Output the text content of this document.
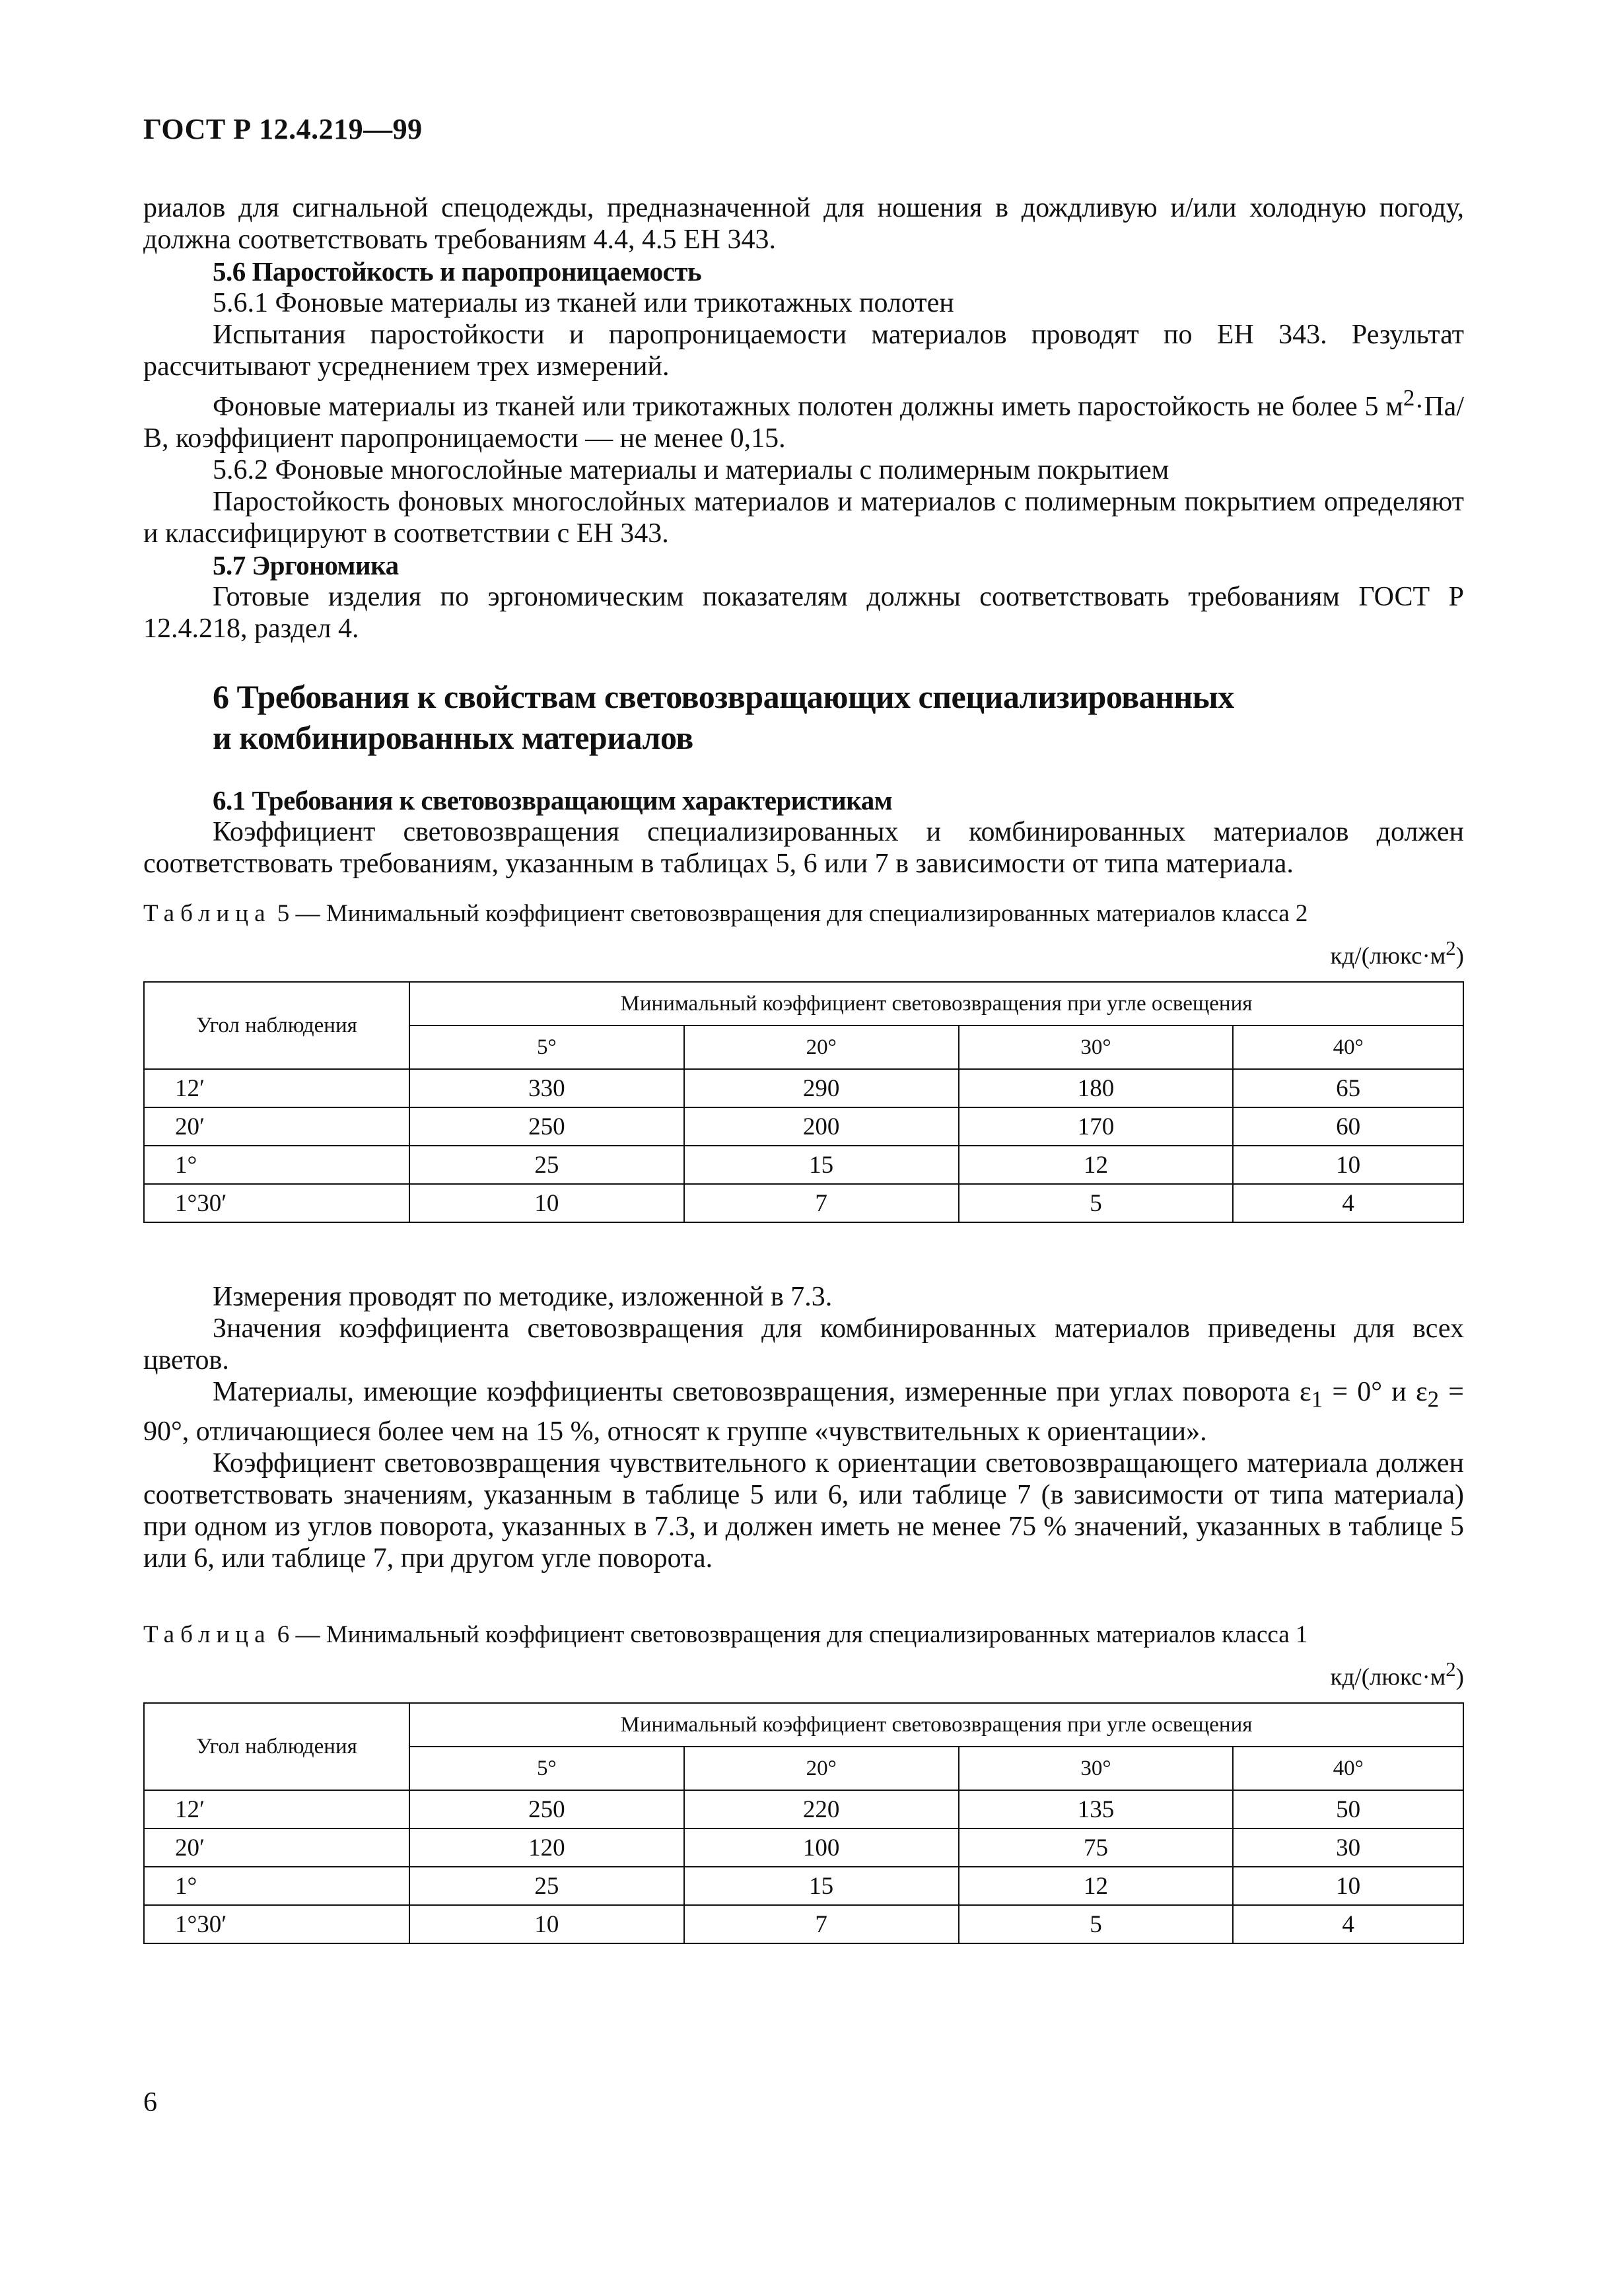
ГОСТ Р 12.4.219—99

риалов для сигнальной спецодежды, предназначенной для ношения в дождливую и/или холодную погоду, должна соответствовать требованиям 4.4, 4.5 ЕН 343.

5.6 Паростойкость и паропроницаемость

5.6.1 Фоновые материалы из тканей или трикотажных полотен

Испытания паростойкости и паропроницаемости материалов проводят по ЕН 343. Результат рассчитывают усреднением трех измерений.

Фоновые материалы из тканей или трикотажных полотен должны иметь паростойкость не более 5 $м^2\cdot Па/В$, коэффициент паропроницаемости — не менее 0,15.

5.6.2 Фоновые многослойные материалы и материалы с полимерным покрытием

Паростойкость фоновых многослойных материалов и материалов с полимерным покрытием определяют и классифицируют в соответствии с ЕН 343.

5.7 Эргономика

Готовые изделия по эргономическим показателям должны соответствовать требованиям ГОСТ Р 12.4.218, раздел 4.

6 Требования к свойствам световозвращающих специализированных
и комбинированных материалов
6.1 Требования к световозвращающим характеристикам

Коэффициент световозвращения специализированных и комбинированных материалов должен соответствовать требованиям, указанным в таблицах 5, 6 или 7 в зависимости от типа материала.

Таблица 5 — Минимальный коэффициент световозвращения для специализированных материалов класса 2
$кд/(люкс\cdot м^2)$
Угол наблюдения	Минимальный коэффициент световозвращения при угле освещения			
	5°	20°	30°	40°
12′	330	290	180	65
20′	250	200	170	60
1°	25	15	12	10
1°30′	10	7	5	4

Измерения проводят по методике, изложенной в 7.3.

Значения коэффициента световозвращения для комбинированных материалов приведены для всех цветов.

Материалы, имеющие коэффициенты световозвращения, измеренные при углах поворота $\varepsilon_1 = 0^\circ$ и $\varepsilon_2 = 90^\circ$, отличающиеся более чем на 15 %, относят к группе «чувствительных к ориентации».

Коэффициент световозвращения чувствительного к ориентации световозвращающего материала должен соответствовать значениям, указанным в таблице 5 или 6, или таблице 7 (в зависимости от типа материала) при одном из углов поворота, указанных в 7.3, и должен иметь не менее 75 % значений, указанных в таблице 5 или 6, или таблице 7, при другом угле поворота.

Таблица 6 — Минимальный коэффициент световозвращения для специализированных материалов класса 1
$кд/(люкс\cdot м^2)$
Угол наблюдения	Минимальный коэффициент световозвращения при угле освещения			
	5°	20°	30°	40°
12′	250	220	135	50
20′	120	100	75	30
1°	25	15	12	10
1°30′	10	7	5	4
6
